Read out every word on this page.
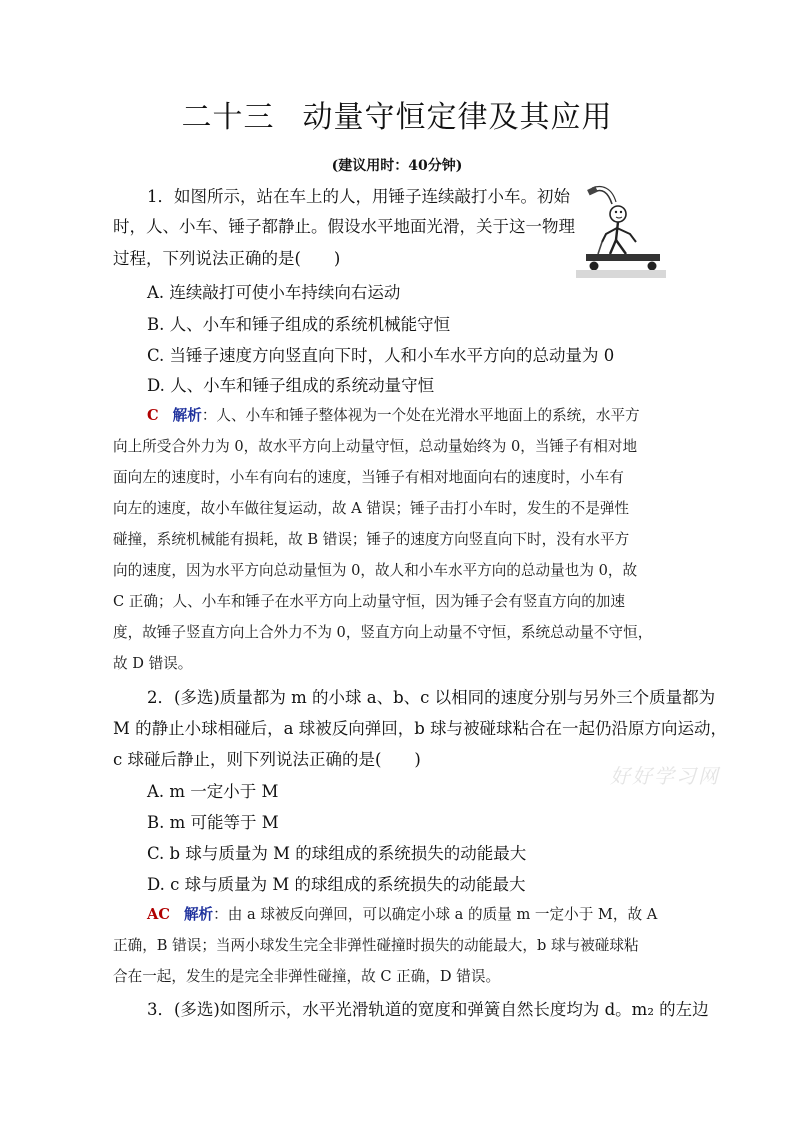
二十三 动量守恒定律及其应用
(建议用时：40分钟)
1．如图所示，站在车上的人，用锤子连续敲打小车。初始
时，人、小车、锤子都静止。假设水平地面光滑，关于这一物理
过程，下列说法正确的是(　　)
A. 连续敲打可使小车持续向右运动
B. 人、小车和锤子组成的系统机械能守恒
C. 当锤子速度方向竖直向下时，人和小车水平方向的总动量为 0
D. 人、小车和锤子组成的系统动量守恒
C 解析：人、小车和锤子整体视为一个处在光滑水平地面上的系统，水平方
向上所受合外力为 0，故水平方向上动量守恒，总动量始终为 0，当锤子有相对地
面向左的速度时，小车有向右的速度，当锤子有相对地面向右的速度时，小车有
向左的速度，故小车做往复运动，故 A 错误；锤子击打小车时，发生的不是弹性
碰撞，系统机械能有损耗，故 B 错误；锤子的速度方向竖直向下时，没有水平方
向的速度，因为水平方向总动量恒为 0，故人和小车水平方向的总动量也为 0，故
C 正确；人、小车和锤子在水平方向上动量守恒，因为锤子会有竖直方向的加速
度，故锤子竖直方向上合外力不为 0，竖直方向上动量不守恒，系统总动量不守恒，
故 D 错误。
2．(多选)质量都为 m 的小球 a、b、c 以相同的速度分别与另外三个质量都为
M 的静止小球相碰后，a 球被反向弹回，b 球与被碰球粘合在一起仍沿原方向运动，
c 球碰后静止，则下列说法正确的是(　　)
A. m 一定小于 M
B. m 可能等于 M
C. b 球与质量为 M 的球组成的系统损失的动能最大
D. c 球与质量为 M 的球组成的系统损失的动能最大
AC 解析：由 a 球被反向弹回，可以确定小球 a 的质量 m 一定小于 M，故 A
正确，B 错误；当两小球发生完全非弹性碰撞时损失的动能最大，b 球与被碰球粘
合在一起，发生的是完全非弹性碰撞，故 C 正确，D 错误。
3．(多选)如图所示，水平光滑轨道的宽度和弹簧自然长度均为 d。m₂ 的左边
好好学习网
